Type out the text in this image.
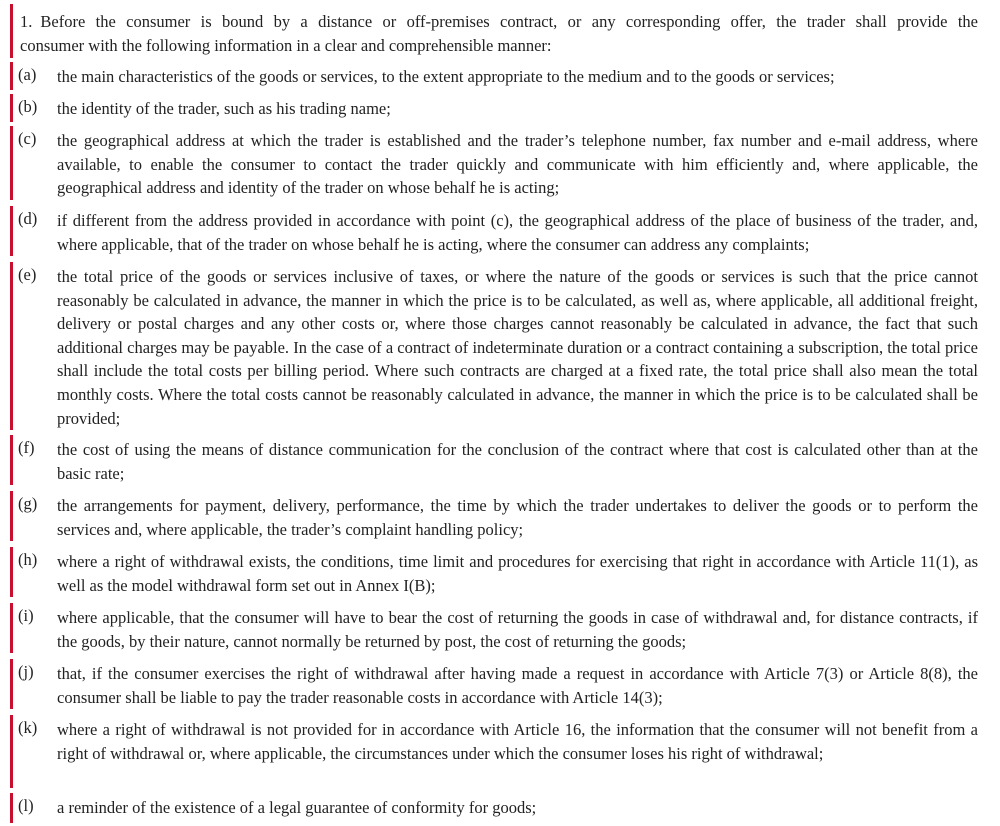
1. Before the consumer is bound by a distance or off-premises contract, or any corresponding offer, the trader shall provide the
consumer with the following information in a clear and comprehensible manner:
(a) the main characteristics of the goods or services, to the extent appropriate to the medium and to the goods or services;
(b) the identity of the trader, such as his trading name;
(c) the geographical address at which the trader is established and the trader’s telephone number, fax number and e-mail address, where available, to enable the consumer to contact the trader quickly and communicate with him efficiently and, where applicable, the geographical address and identity of the trader on whose behalf he is acting;
(d) if different from the address provided in accordance with point (c), the geographical address of the place of business of the trader, and, where applicable, that of the trader on whose behalf he is acting, where the consumer can address any complaints;
(e) the total price of the goods or services inclusive of taxes, or where the nature of the goods or services is such that the price cannot reasonably be calculated in advance, the manner in which the price is to be calculated, as well as, where applicable, all additional freight, delivery or postal charges and any other costs or, where those charges cannot reasonably be calculated in advance, the fact that such additional charges may be payable. In the case of a contract of indeterminate duration or a contract containing a subscription, the total price shall include the total costs per billing period. Where such contracts are charged at a fixed rate, the total price shall also mean the total monthly costs. Where the total costs cannot be reasonably calculated in advance, the manner in which the price is to be calculated shall be provided;
(f) the cost of using the means of distance communication for the conclusion of the contract where that cost is calculated other than at the basic rate;
(g) the arrangements for payment, delivery, performance, the time by which the trader undertakes to deliver the goods or to perform the services and, where applicable, the trader’s complaint handling policy;
(h) where a right of withdrawal exists, the conditions, time limit and procedures for exercising that right in accordance with Article 11(1), as well as the model withdrawal form set out in Annex I(B);
(i) where applicable, that the consumer will have to bear the cost of returning the goods in case of withdrawal and, for distance contracts, if the goods, by their nature, cannot normally be returned by post, the cost of returning the goods;
(j) that, if the consumer exercises the right of withdrawal after having made a request in accordance with Article 7(3) or Article 8(8), the consumer shall be liable to pay the trader reasonable costs in accordance with Article 14(3);
(k) where a right of withdrawal is not provided for in accordance with Article 16, the information that the consumer will not benefit from a right of withdrawal or, where applicable, the circumstances under which the consumer loses his right of withdrawal;
(l) a reminder of the existence of a legal guarantee of conformity for goods;
